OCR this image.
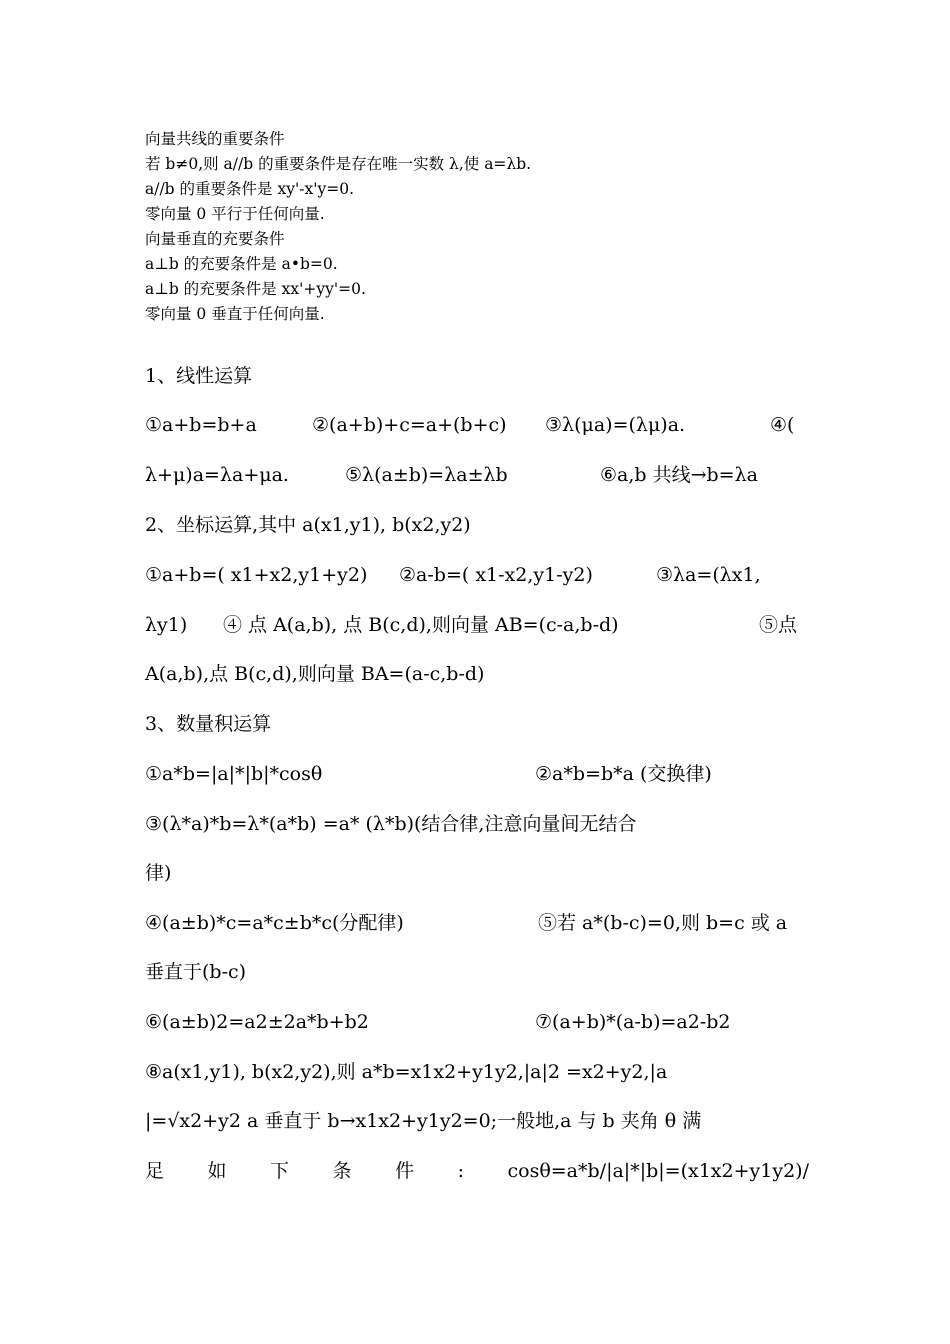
向量共线的重要条件
若 b≠0,则 a//b 的重要条件是存在唯一实数 λ,使 a=λb.
a//b 的重要条件是 xy'-x'y=0.
零向量 0 平行于任何向量.
向量垂直的充要条件
a⊥b 的充要条件是 a•b=0.
a⊥b 的充要条件是 xx'+yy'=0.
零向量 0 垂直于任何向量.
1、线性运算
①a+b=b+a	②(a+b)+c=a+(b+c) ③λ(μa)=(λμ)a.	④(
λ+μ)a=λa+μa.	⑤λ(a±b)=λa±λb	⑥a,b 共线→b=λa
2、坐标运算,其中 a(x1,y1), b(x2,y2)
①a+b=( x1+x2,y1+y2) ②a-b=( x1-x2,y1-y2)	③λa=(λx1,
λy1) ④ 点 A(a,b), 点 B(c,d),则向量 AB=(c-a,b-d)	⑤点
A(a,b),点 B(c,d),则向量 BA=(a-c,b-d)
3、数量积运算
①a*b=|a|*|b|*cosθ	②a*b=b*a (交换律)
③(λ*a)*b=λ*(a*b) =a* (λ*b)(结合律,注意向量间无结合
律)
④(a±b)*c=a*c±b*c(分配律)	⑤若 a*(b-c)=0,则 b=c 或 a
垂直于(b-c)
⑥(a±b)2=a2±2a*b+b2	⑦(a+b)*(a-b)=a2-b2
⑧a(x1,y1), b(x2,y2),则 a*b=x1x2+y1y2,|a|2 =x2+y2,|a
|=√x2+y2 a 垂直于 b→x1x2+y1y2=0;一般地,a 与 b 夹角 θ 满
足 如 下 条 件 : cosθ=a*b/|a|*|b|=(x1x2+y1y2)/
